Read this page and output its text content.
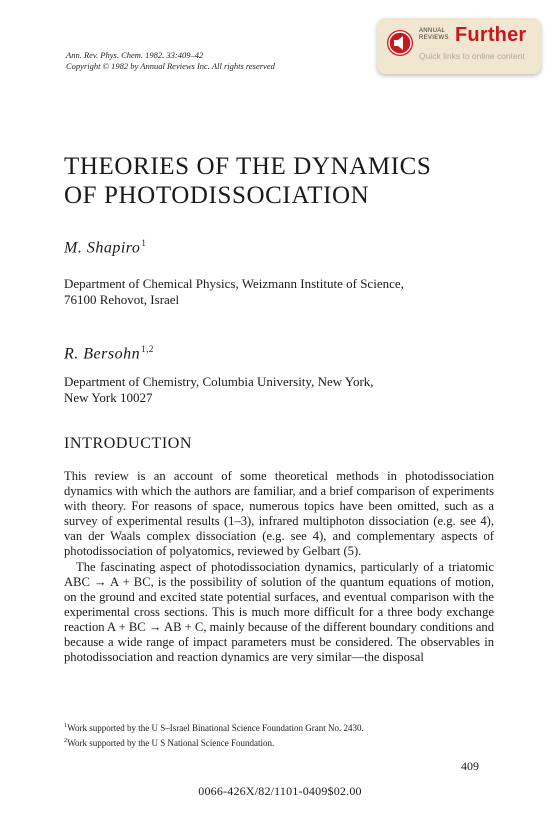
Ann. Rev. Phys. Chem. 1982. 33:409–42
Copyright © 1982 by Annual Reviews Inc. All rights reserved
ANNUAL
REVIEWS Further
Quick links to online content
THEORIES OF THE DYNAMICS
OF PHOTODISSOCIATION
M. Shapiro$^1$
Department of Chemical Physics, Weizmann Institute of Science,
76100 Rehovot, Israel
R. Bersohn$^{1,2}$
Department of Chemistry, Columbia University, New York,
New York 10027
INTRODUCTION

This review is an account of some theoretical methods in photodissociation dynamics with which the authors are familiar, and a brief comparison of experiments with theory. For reasons of space, numerous topics have been omitted, such as a survey of experimental results (1–3), infrared multiphoton dissociation (e.g. see 4), van der Waals complex dissociation (e.g. see 4), and complementary aspects of photodissociation of polyatomics, reviewed by Gelbart (5).

The fascinating aspect of photodissociation dynamics, particularly of a triatomic ABC → A + BC, is the possibility of solution of the quantum equations of motion, on the ground and excited state potential surfaces, and eventual comparison with the experimental cross sections. This is much more difficult for a three body exchange reaction A + BC → AB + C, mainly because of the different boundary conditions and because a wide range of impact parameters must be considered. The observables in photodissociation and reaction dynamics are very similar—the disposal

$^1$Work supported by the U S–Israel Binational Science Foundation Grant No. 2430.
$^2$Work supported by the U S National Science Foundation.
409
0066-426X/82/1101-0409$02.00
